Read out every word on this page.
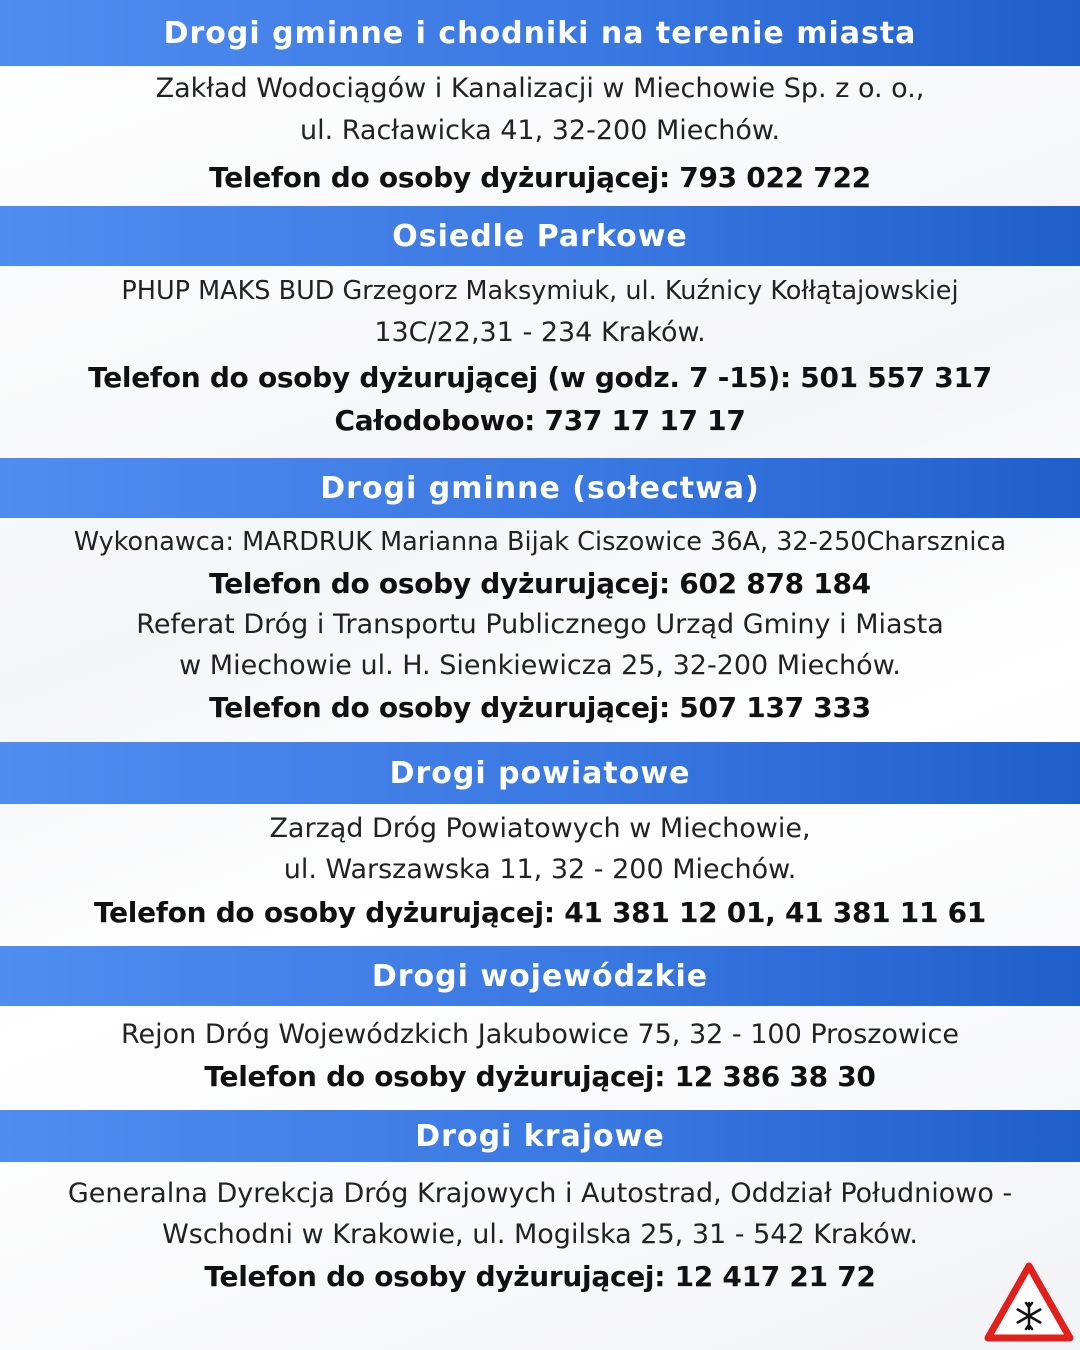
Drogi gminne i chodniki na terenie miasta
Zakład Wodociągów i Kanalizacji w Miechowie Sp. z o. o.,
ul. Racławicka 41, 32-200 Miechów.
Telefon do osoby dyżurującej: 793 022 722
Osiedle Parkowe
PHUP MAKS BUD Grzegorz Maksymiuk, ul. Kuźnicy Kołłątajowskiej
13C/22,31 - 234 Kraków.
Telefon do osoby dyżurującej (w godz. 7 -15): 501 557 317
Całodobowo: 737 17 17 17
Drogi gminne (sołectwa)
Wykonawca: MARDRUK Marianna Bijak Ciszowice 36A, 32-250Charsznica
Telefon do osoby dyżurującej: 602 878 184
Referat Dróg i Transportu Publicznego Urząd Gminy i Miasta
w Miechowie ul. H. Sienkiewicza 25, 32-200 Miechów.
Telefon do osoby dyżurującej: 507 137 333
Drogi powiatowe
Zarząd Dróg Powiatowych w Miechowie,
ul. Warszawska 11, 32 - 200 Miechów.
Telefon do osoby dyżurującej: 41 381 12 01, 41 381 11 61
Drogi wojewódzkie
Rejon Dróg Wojewódzkich Jakubowice 75, 32 - 100 Proszowice
Telefon do osoby dyżurującej: 12 386 38 30
Drogi krajowe
Generalna Dyrekcja Dróg Krajowych i Autostrad, Oddział Południowo -
Wschodni w Krakowie, ul. Mogilska 25, 31 - 542 Kraków.
Telefon do osoby dyżurującej: 12 417 21 72
